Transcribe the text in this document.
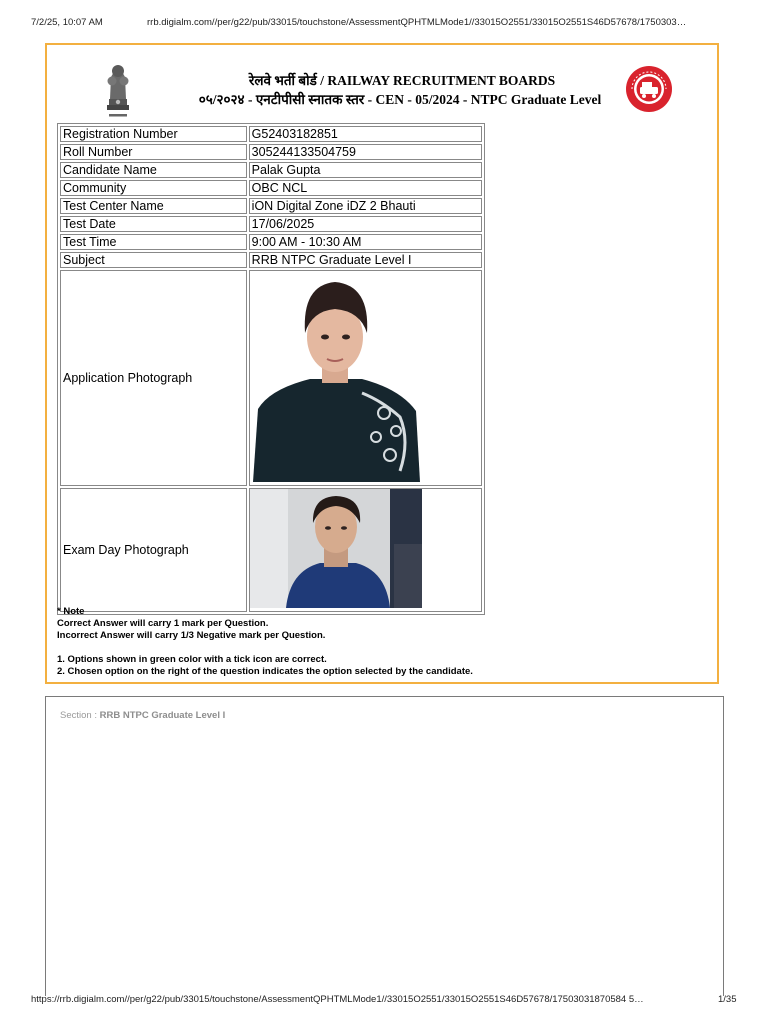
7/2/25, 10:07 AM	rrb.digialm.com//per/g22/pub/33015/touchstone/AssessmentQPHTMLMode1//33015O2551/33015O2551S46D57678/1750303…
रेलवे भर्ती बोर्ड / RAILWAY RECRUITMENT BOARDS
०५/२०२४ - एनटीपीसी स्नातक स्तर - CEN - 05/2024 - NTPC Graduate Level
Registration Number	G52403182851
Roll Number	305244133504759
Candidate Name	Palak Gupta
Community	OBC NCL
Test Center Name	iON Digital Zone iDZ 2 Bhauti
Test Date	17/06/2025
Test Time	9:00 AM - 10:30 AM
Subject	RRB NTPC Graduate Level I
Application Photograph	
Exam Day Photograph	
* Note
Correct Answer will carry 1 mark per Question.
Incorrect Answer will carry 1/3 Negative mark per Question.
1. Options shown in green color with a tick icon are correct.
2. Chosen option on the right of the question indicates the option selected by the candidate.
Section : RRB NTPC Graduate Level I
https://rrb.digialm.com//per/g22/pub/33015/touchstone/AssessmentQPHTMLMode1//33015O2551/33015O2551S46D57678/17503031870584 5…	1/35
